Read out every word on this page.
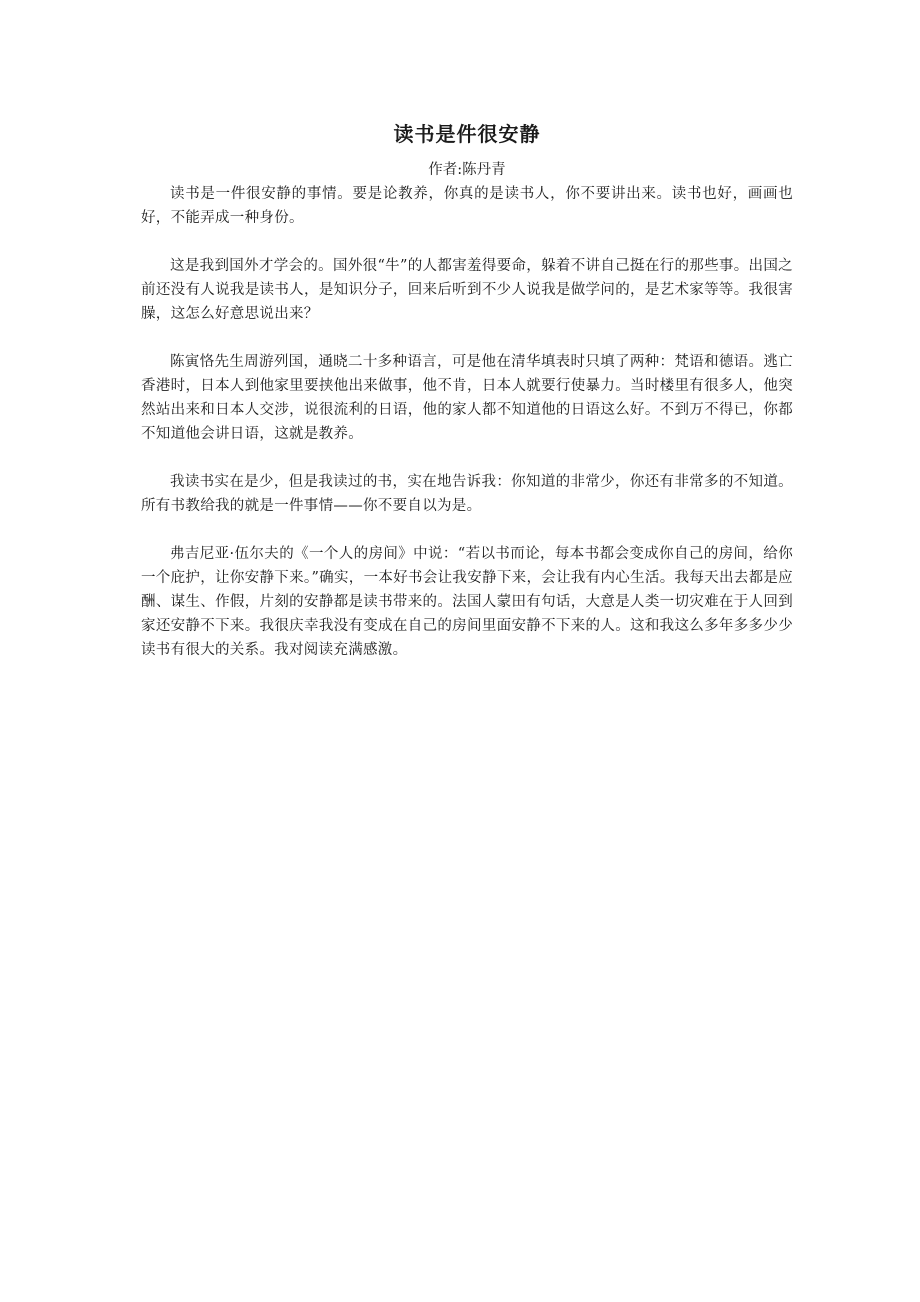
读书是件很安静

作者:陈丹青

读书是一件很安静的事情。要是论教养，你真的是读书人，你不要讲出来。读书也好，画画也好，不能弄成一种身份。

这是我到国外才学会的。国外很“牛”的人都害羞得要命，躲着不讲自己挺在行的那些事。出国之前还没有人说我是读书人，是知识分子，回来后听到不少人说我是做学问的，是艺术家等等。我很害臊，这怎么好意思说出来？

陈寅恪先生周游列国，通晓二十多种语言，可是他在清华填表时只填了两种：梵语和德语。逃亡香港时，日本人到他家里要挟他出来做事，他不肯，日本人就要行使暴力。当时楼里有很多人，他突然站出来和日本人交涉，说很流利的日语，他的家人都不知道他的日语这么好。不到万不得已，你都不知道他会讲日语，这就是教养。

我读书实在是少，但是我读过的书，实在地告诉我：你知道的非常少，你还有非常多的不知道。所有书教给我的就是一件事情——你不要自以为是。

弗吉尼亚·伍尔夫的《一个人的房间》中说：“若以书而论，每本书都会变成你自己的房间，给你一个庇护，让你安静下来。”确实，一本好书会让我安静下来，会让我有内心生活。我每天出去都是应酬、谋生、作假，片刻的安静都是读书带来的。法国人蒙田有句话，大意是人类一切灾难在于人回到家还安静不下来。我很庆幸我没有变成在自己的房间里面安静不下来的人。这和我这么多年多多少少读书有很大的关系。我对阅读充满感激。
